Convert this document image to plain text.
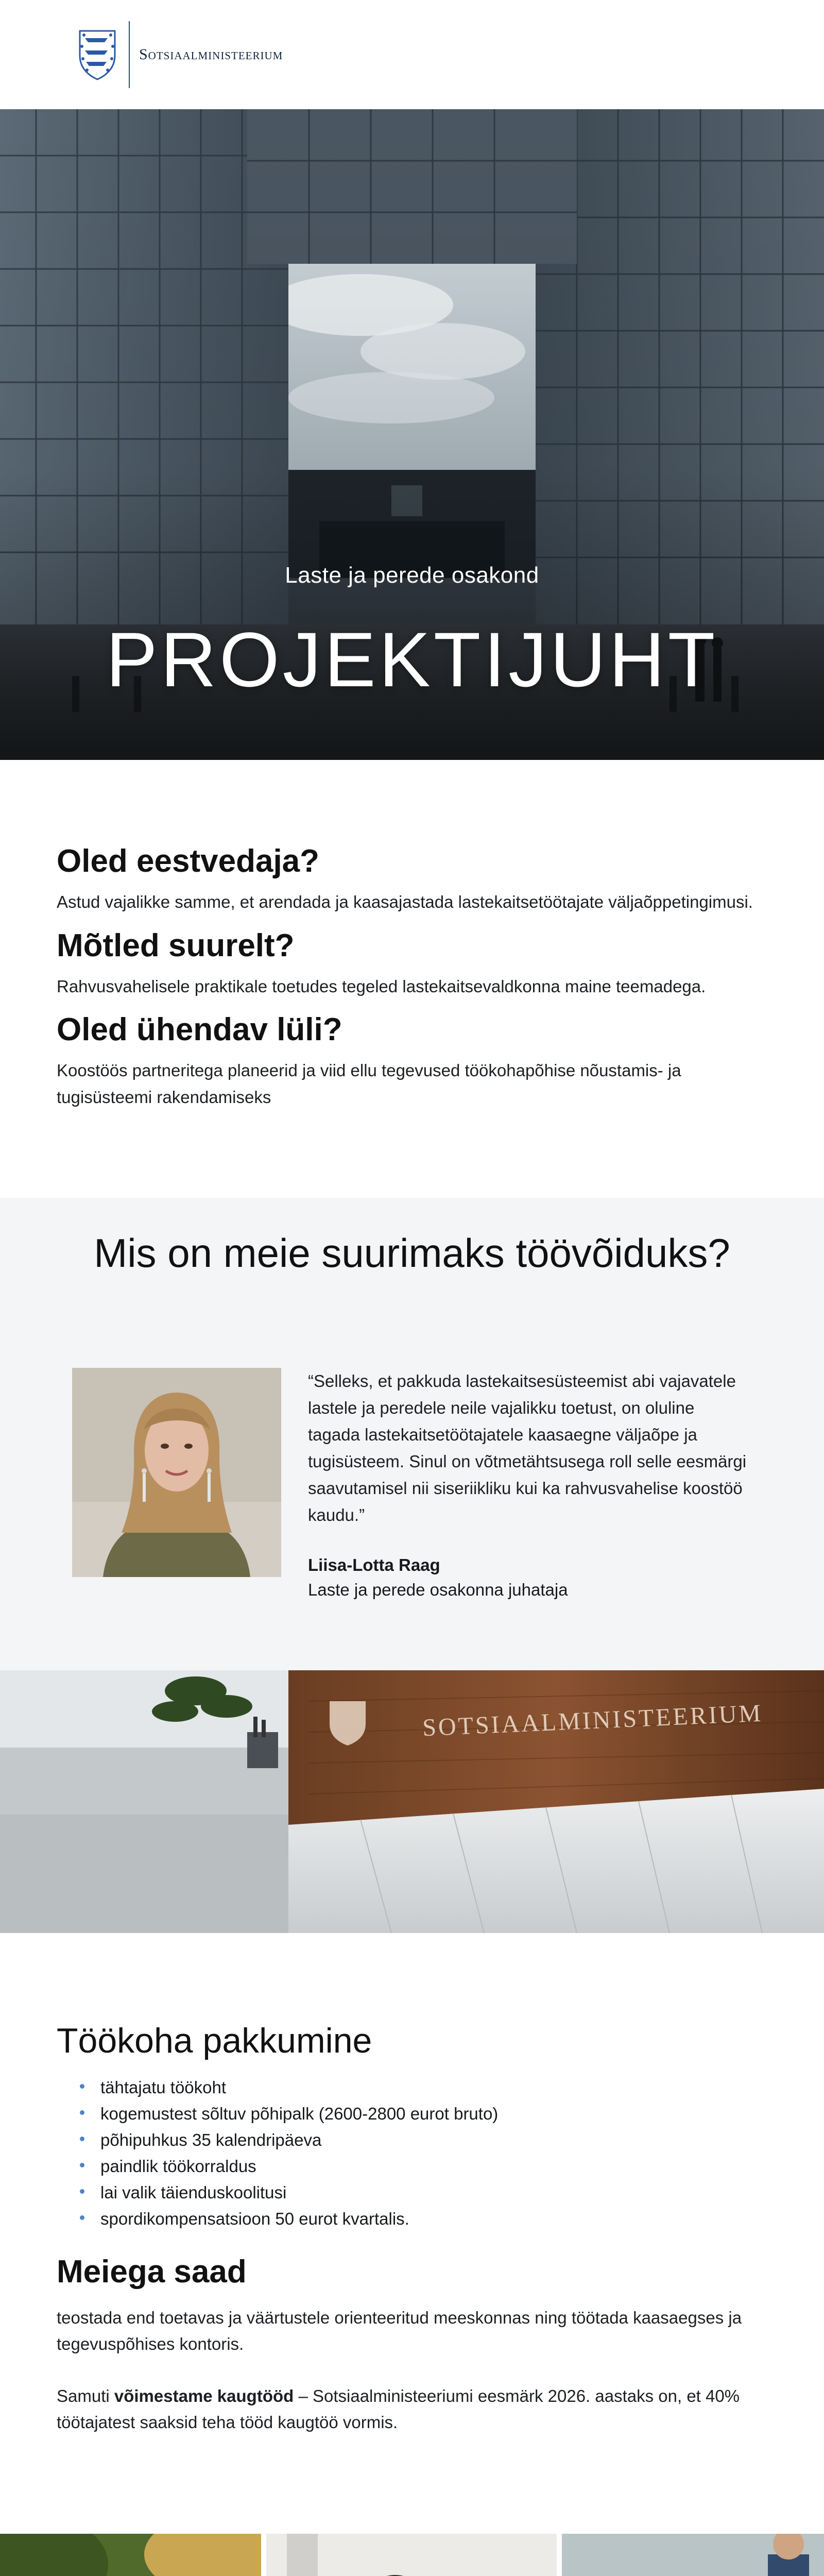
Sotsiaalministeerium
Laste ja perede osakond
PROJEKTIJUHT
Oled eestvedaja?

Astud vajalikke samme, et arendada ja kaasajastada lastekaitsetöötajate väljaõppetingimusi.

Mõtled suurelt?

Rahvusvahelisele praktikale toetudes tegeled lastekaitsevaldkonna maine teemadega.

Oled ühendav lüli?

Koostöös partneritega planeerid ja viid ellu tegevused töökohapõhise nõustamis- ja tugisüsteemi rakendamiseks

Mis on meie suurimaks töövõiduks?

“Selleks, et pakkuda lastekaitsesüsteemist abi vajavatele lastele ja peredele neile vajalikku toetust, on oluline tagada lastekaitsetöötajatele kaasaegne väljaõpe ja tugisüsteem. Sinul on võtmetähtsusega roll selle eesmärgi saavutamisel nii siseriikliku kui ka rahvusvahelise koostöö kaudu.”

Liisa-Lotta Raag
Laste ja perede osakonna juhataja
SOTSIAALMINISTEERIUM
Töökoha pakkumine
tähtajatu töökoht
kogemustest sõltuv põhipalk (2600-2800 eurot bruto)
põhipuhkus 35 kalendripäeva
paindlik töökorraldus
lai valik täienduskoolitusi
spordikompensatsioon 50 eurot kvartalis.
Meiega saad

teostada end toetavas ja väärtustele orienteeritud meeskonnas ning töötada kaasaegses ja tegevuspõhises kontoris.

Samuti võimestame kaugtööd – Sotsiaalministeeriumi eesmärk 2026. aastaks on, et 40% töötajatest saaksid teha tööd kaugtöö vormis.
